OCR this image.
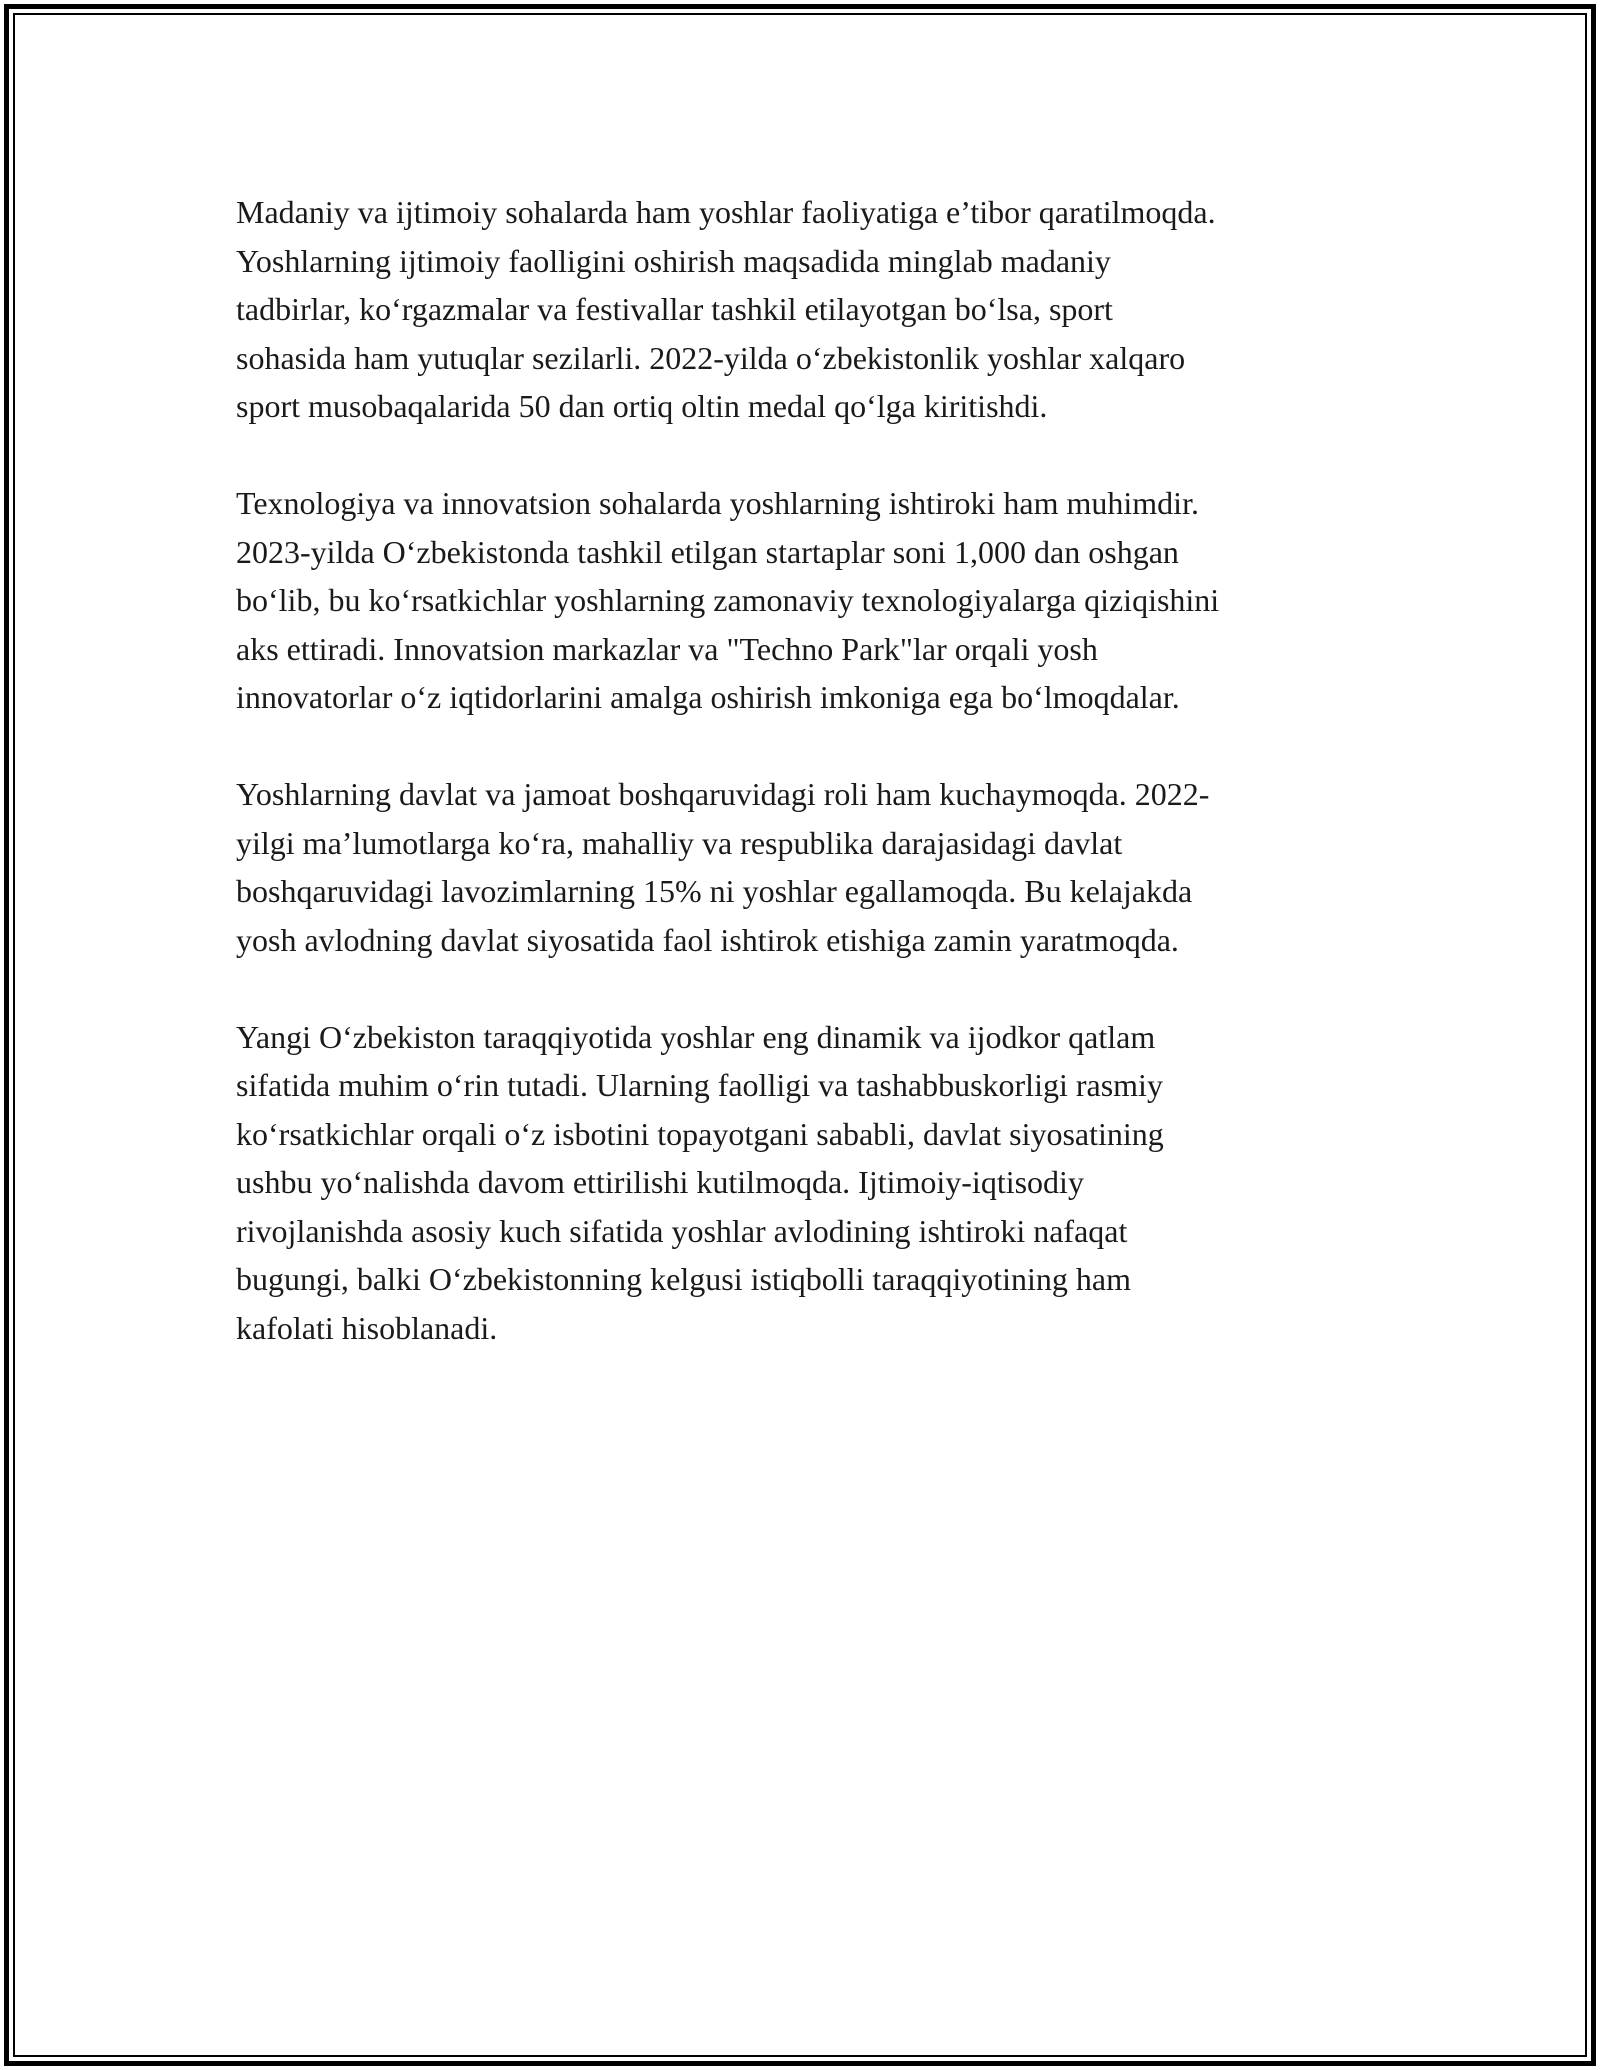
Madaniy va ijtimoiy sohalarda ham yoshlar faoliyatiga e’tibor qaratilmoqda.
Yoshlarning ijtimoiy faolligini oshirish maqsadida minglab madaniy
tadbirlar, ko‘rgazmalar va festivallar tashkil etilayotgan bo‘lsa, sport
sohasida ham yutuqlar sezilarli. 2022-yilda o‘zbekistonlik yoshlar xalqaro
sport musobaqalarida 50 dan ortiq oltin medal qo‘lga kiritishdi.

Texnologiya va innovatsion sohalarda yoshlarning ishtiroki ham muhimdir.
2023-yilda O‘zbekistonda tashkil etilgan startaplar soni 1,000 dan oshgan
bo‘lib, bu ko‘rsatkichlar yoshlarning zamonaviy texnologiyalarga qiziqishini
aks ettiradi. Innovatsion markazlar va "Techno Park"lar orqali yosh
innovatorlar o‘z iqtidorlarini amalga oshirish imkoniga ega bo‘lmoqdalar.

Yoshlarning davlat va jamoat boshqaruvidagi roli ham kuchaymoqda. 2022-
yilgi ma’lumotlarga ko‘ra, mahalliy va respublika darajasidagi davlat
boshqaruvidagi lavozimlarning 15% ni yoshlar egallamoqda. Bu kelajakda
yosh avlodning davlat siyosatida faol ishtirok etishiga zamin yaratmoqda.

Yangi O‘zbekiston taraqqiyotida yoshlar eng dinamik va ijodkor qatlam
sifatida muhim o‘rin tutadi. Ularning faolligi va tashabbuskorligi rasmiy
ko‘rsatkichlar orqali o‘z isbotini topayotgani sababli, davlat siyosatining
ushbu yo‘nalishda davom ettirilishi kutilmoqda. Ijtimoiy-iqtisodiy
rivojlanishda asosiy kuch sifatida yoshlar avlodining ishtiroki nafaqat
bugungi, balki O‘zbekistonning kelgusi istiqbolli taraqqiyotining ham
kafolati hisoblanadi.
